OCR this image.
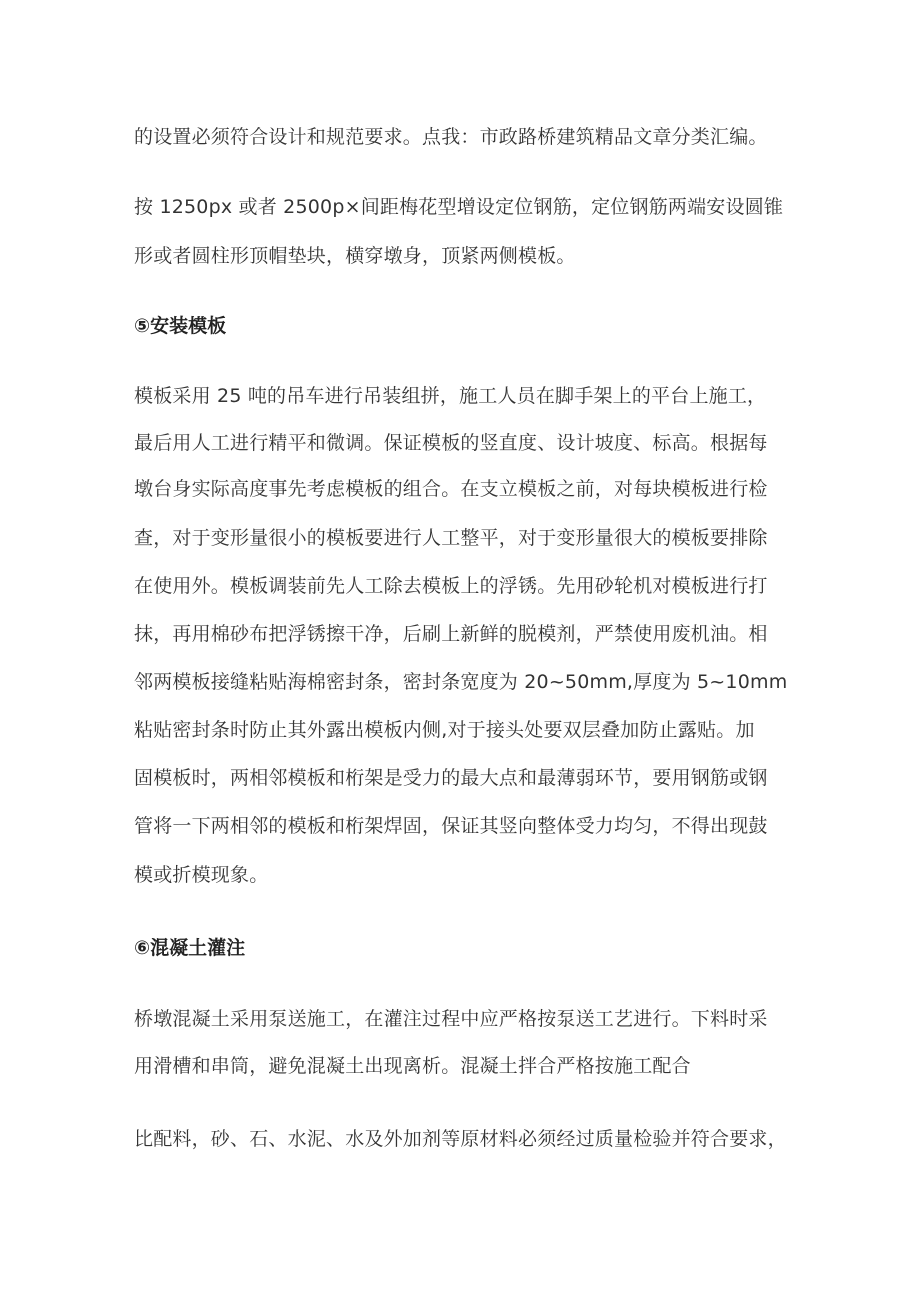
的设置必须符合设计和规范要求。点我：市政路桥建筑精品文章分类汇编。
按 1250px 或者 2500p×间距梅花型增设定位钢筋，定位钢筋两端安设圆锥
形或者圆柱形顶帽垫块，横穿墩身，顶紧两侧模板。
⑤安装模板
模板采用 25 吨的吊车进行吊装组拼，施工人员在脚手架上的平台上施工，
最后用人工进行精平和微调。保证模板的竖直度、设计坡度、标高。根据每
墩台身实际高度事先考虑模板的组合。在支立模板之前，对每块模板进行检
查，对于变形量很小的模板要进行人工整平，对于变形量很大的模板要排除
在使用外。模板调装前先人工除去模板上的浮锈。先用砂轮机对模板进行打
抹，再用棉砂布把浮锈擦干净，后刷上新鲜的脱模剂，严禁使用废机油。相
邻两模板接缝粘贴海棉密封条，密封条宽度为 20~50mm,厚度为 5~10mm
粘贴密封条时防止其外露出模板内侧,对于接头处要双层叠加防止露贴。加
固模板时，两相邻模板和桁架是受力的最大点和最薄弱环节，要用钢筋或钢
管将一下两相邻的模板和桁架焊固，保证其竖向整体受力均匀，不得出现鼓
模或折模现象。
⑥混凝土灌注
桥墩混凝土采用泵送施工，在灌注过程中应严格按泵送工艺进行。下料时采
用滑槽和串筒，避免混凝土出现离析。混凝土拌合严格按施工配合
比配料，砂、石、水泥、水及外加剂等原材料必须经过质量检验并符合要求，
